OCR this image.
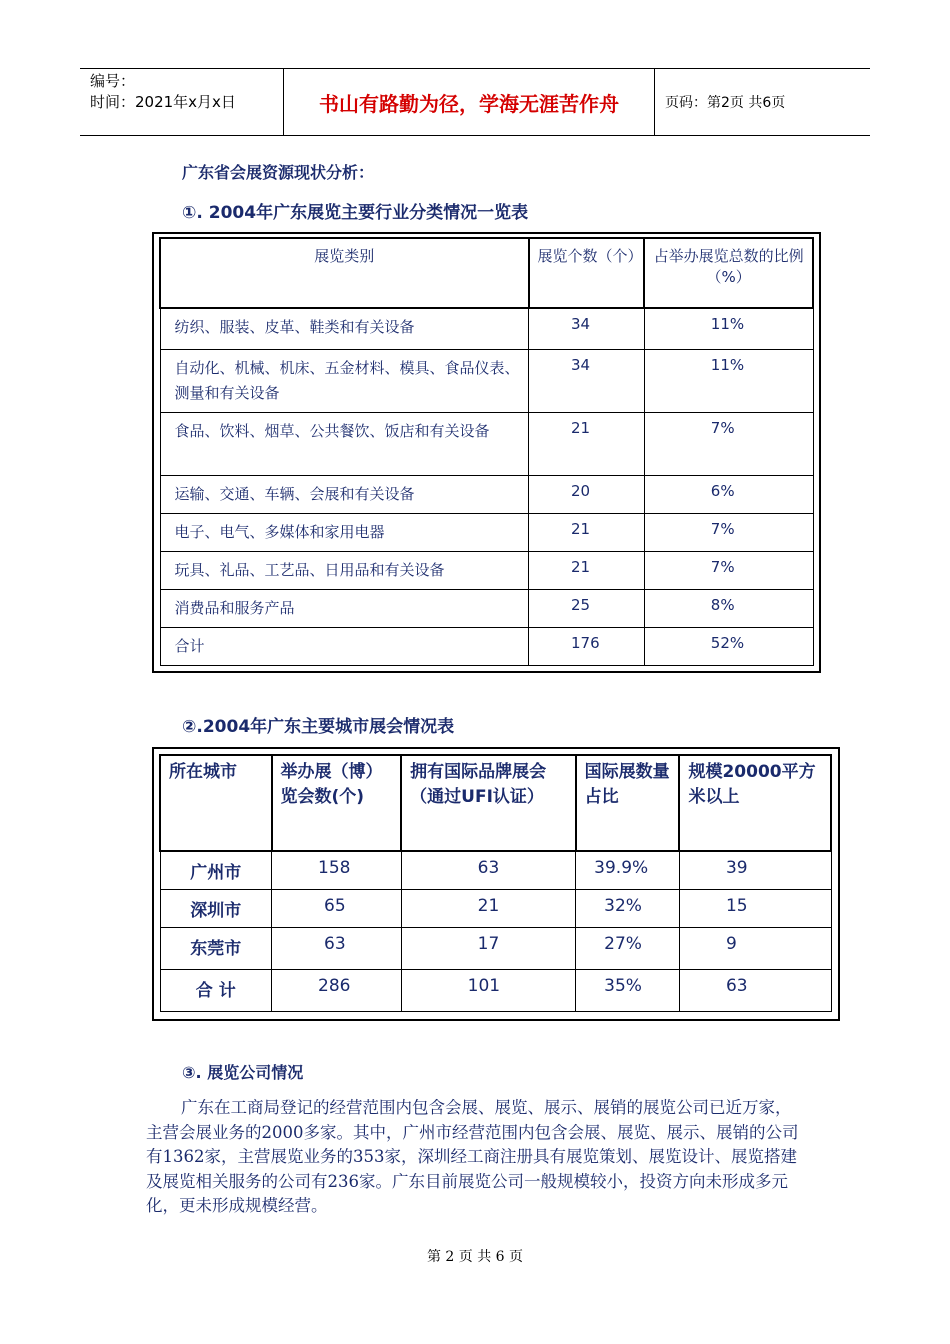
编号：
时间：2021年x月x日	书山有路勤为径，学海无涯苦作舟	页码：第2页 共6页
广东省会展资源现状分析：
①. 2004年广东展览主要行业分类情况一览表
展览类别	展览个数（个）	占举办展览总数的比例（%）
纺织、服装、皮革、鞋类和有关设备	34	11%
自动化、机械、机床、五金材料、模具、食品仪表、测量和有关设备	34	11%
食品、饮料、烟草、公共餐饮、饭店和有关设备	21	7%
运输、交通、车辆、会展和有关设备	20	6%
电子、电气、多媒体和家用电器	21	7%
玩具、礼品、工艺品、日用品和有关设备	21	7%
消费品和服务产品	25	8%
合计	176	52%
②.2004年广东主要城市展会情况表
所在城市	举办展（博）览会数(个)	拥有国际品牌展会（通过UFI认证）	国际展数量占比	规模20000平方米以上
广州市	158	63	39.9%	39
深圳市	65	21	32%	15
东莞市	63	17	27%	9
合 计	286	101	35%	63
③. 展览公司情况

广东在工商局登记的经营范围内包含会展、展览、展示、展销的展览公司已近万家，主营会展业务的2000多家。其中，广州市经营范围内包含会展、展览、展示、展销的公司有1362家，主营展览业务的353家，深圳经工商注册具有展览策划、展览设计、展览搭建及展览相关服务的公司有236家。广东目前展览公司一般规模较小，投资方向未形成多元化，更未形成规模经营。

第 2 页 共 6 页
